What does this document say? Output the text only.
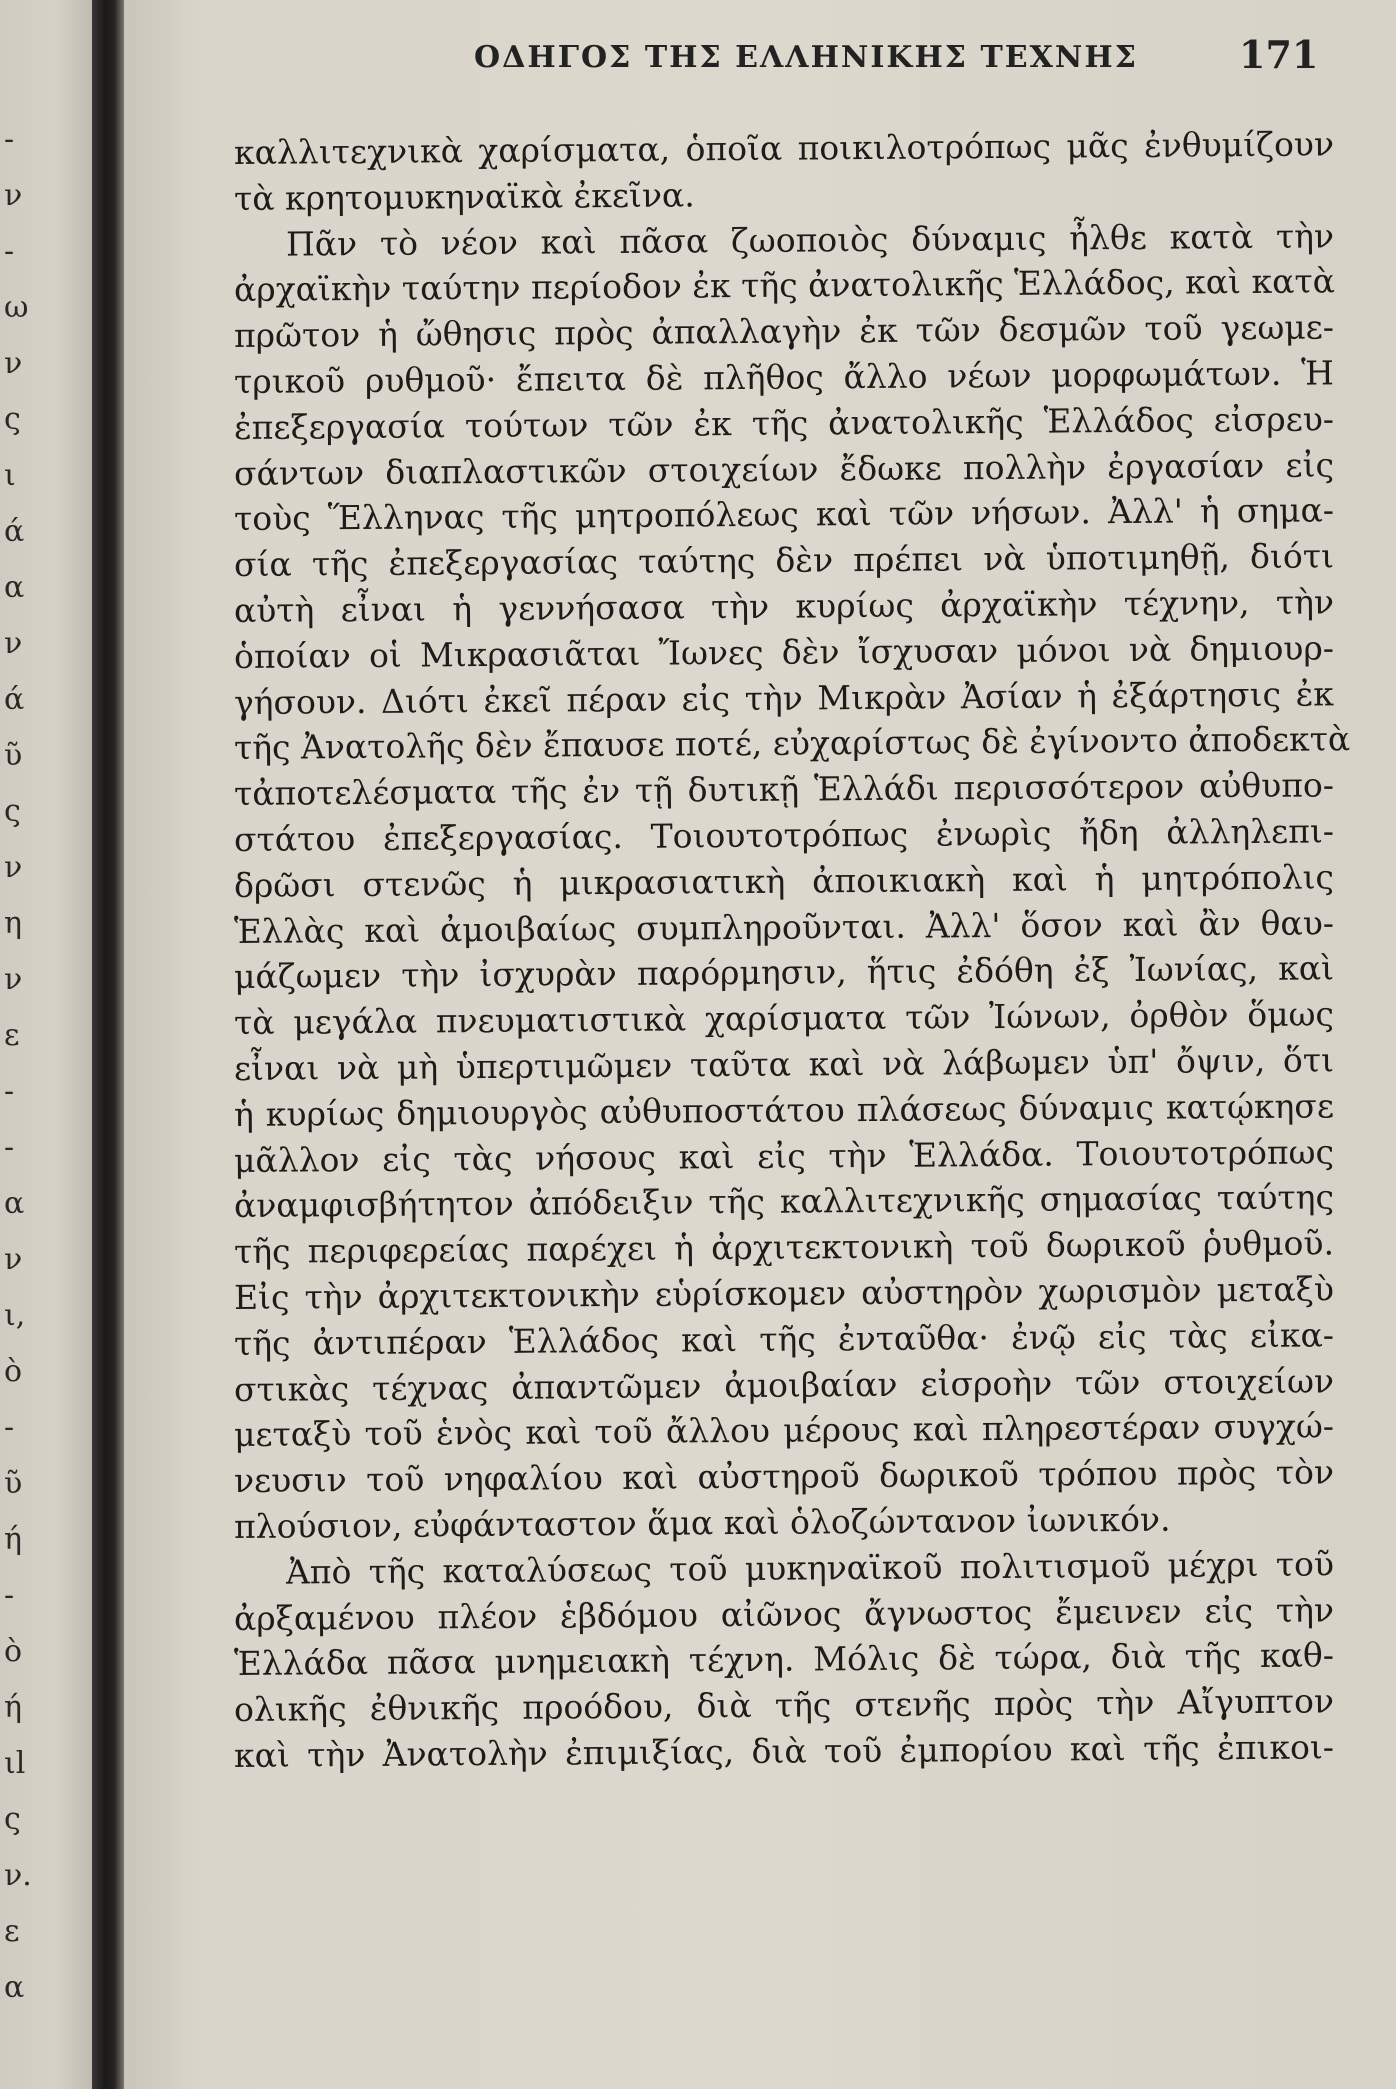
-
ν
-
ω
ν
ς
ι
ά
α
ν
ά
ῦ
ς
ν
η
ν
ε
-
-
α
ν
ι,
ὸ
-
ῦ
ή
-
ὸ
ή
ιl
ς
ν.
ε
α
ΟΔΗΓΟΣ ΤΗΣ ΕΛΛΗΝΙΚΗΣ ΤΕΧΝΗΣ	171
καλλιτεχνικὰ χαρίσματα, ὁποῖα ποικιλοτρόπως μᾶς ἐνθυμίζουν
τὰ κρητομυκηναϊκὰ ἐκεῖνα.
Πᾶν τὸ νέον καὶ πᾶσα ζωοποιὸς δύναμις ἦλθε κατὰ τὴν
ἀρχαϊκὴν ταύτην περίοδον ἐκ τῆς ἀνατολικῆς Ἑλλάδος, καὶ κατὰ
πρῶτον ἡ ὤθησις πρὸς ἀπαλλαγὴν ἐκ τῶν δεσμῶν τοῦ γεωμε-
τρικοῦ ρυθμοῦ· ἔπειτα δὲ πλῆθος ἄλλο νέων μορφωμάτων. Ἡ
ἐπεξεργασία τούτων τῶν ἐκ τῆς ἀνατολικῆς Ἑλλάδος εἰσρευ-
σάντων διαπλαστικῶν στοιχείων ἔδωκε πολλὴν ἐργασίαν εἰς
τοὺς Ἕλληνας τῆς μητροπόλεως καὶ τῶν νήσων. Ἀλλ' ἡ σημα-
σία τῆς ἐπεξεργασίας ταύτης δὲν πρέπει νὰ ὑποτιμηθῇ, διότι
αὐτὴ εἶναι ἡ γεννήσασα τὴν κυρίως ἀρχαϊκὴν τέχνην, τὴν
ὁποίαν οἱ Μικρασιᾶται Ἴωνες δὲν ἴσχυσαν μόνοι νὰ δημιουρ-
γήσουν. Διότι ἐκεῖ πέραν εἰς τὴν Μικρὰν Ἀσίαν ἡ ἐξάρτησις ἐκ
τῆς Ἀνατολῆς δὲν ἔπαυσε ποτέ, εὐχαρίστως δὲ ἐγίνοντο ἀποδεκτὰ
τἀποτελέσματα τῆς ἐν τῇ δυτικῇ Ἑλλάδι περισσότερον αὐθυπο-
στάτου ἐπεξεργασίας. Τοιουτοτρόπως ἐνωρὶς ἤδη ἀλληλεπι-
δρῶσι στενῶς ἡ μικρασιατικὴ ἀποικιακὴ καὶ ἡ μητρόπολις
Ἑλλὰς καὶ ἀμοιβαίως συμπληροῦνται. Ἀλλ' ὅσον καὶ ἂν θαυ-
μάζωμεν τὴν ἰσχυρὰν παρόρμησιν, ἥτις ἐδόθη ἐξ Ἰωνίας, καὶ
τὰ μεγάλα πνευματιστικὰ χαρίσματα τῶν Ἰώνων, ὀρθὸν ὅμως
εἶναι νὰ μὴ ὑπερτιμῶμεν ταῦτα καὶ νὰ λάβωμεν ὑπ' ὄψιν, ὅτι
ἡ κυρίως δημιουργὸς αὐθυποστάτου πλάσεως δύναμις κατῴκησε
μᾶλλον εἰς τὰς νήσους καὶ εἰς τὴν Ἑλλάδα. Τοιουτοτρόπως
ἀναμφισβήτητον ἀπόδειξιν τῆς καλλιτεχνικῆς σημασίας ταύτης
τῆς περιφερείας παρέχει ἡ ἀρχιτεκτονικὴ τοῦ δωρικοῦ ῥυθμοῦ.
Εἰς τὴν ἀρχιτεκτονικὴν εὑρίσκομεν αὐστηρὸν χωρισμὸν μεταξὺ
τῆς ἀντιπέραν Ἑλλάδος καὶ τῆς ἐνταῦθα· ἐνῷ εἰς τὰς εἰκα-
στικὰς τέχνας ἀπαντῶμεν ἀμοιβαίαν εἰσροὴν τῶν στοιχείων
μεταξὺ τοῦ ἑνὸς καὶ τοῦ ἄλλου μέρους καὶ πληρεστέραν συγχώ-
νευσιν τοῦ νηφαλίου καὶ αὐστηροῦ δωρικοῦ τρόπου πρὸς τὸν
πλούσιον, εὐφάνταστον ἅμα καὶ ὁλοζώντανον ἰωνικόν.
Ἀπὸ τῆς καταλύσεως τοῦ μυκηναϊκοῦ πολιτισμοῦ μέχρι τοῦ
ἀρξαμένου πλέον ἑβδόμου αἰῶνος ἄγνωστος ἔμεινεν εἰς τὴν
Ἑλλάδα πᾶσα μνημειακὴ τέχνη. Μόλις δὲ τώρα, διὰ τῆς καθ-
ολικῆς ἐθνικῆς προόδου, διὰ τῆς στενῆς πρὸς τὴν Αἴγυπτον
καὶ τὴν Ἀνατολὴν ἐπιμιξίας, διὰ τοῦ ἐμπορίου καὶ τῆς ἐπικοι-
